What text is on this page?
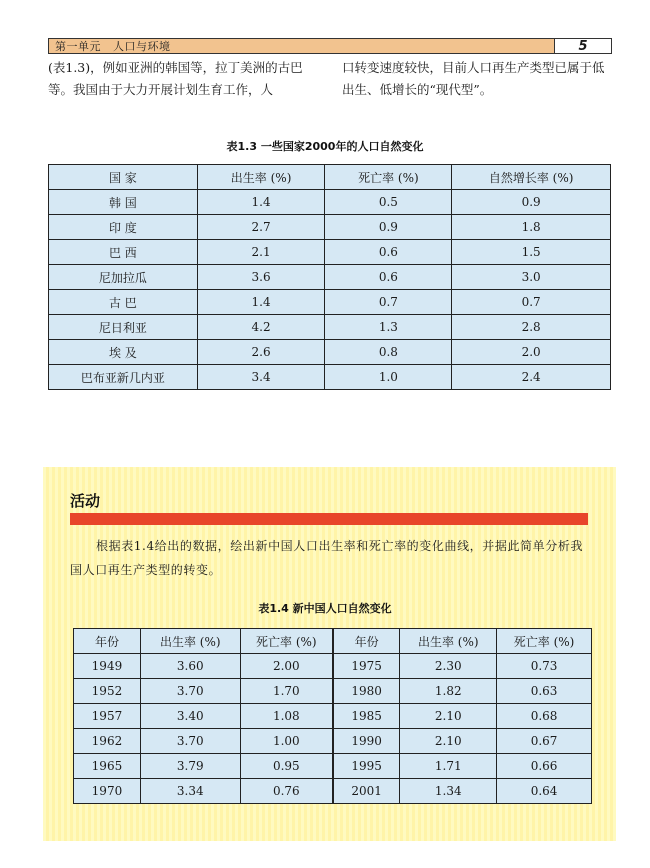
第一单元   人口与环境	5
(表1.3)，例如亚洲的韩国等，拉丁美洲的古巴等。我国由于大力开展计划生育工作，人
口转变速度较快，目前人口再生产类型已属于低出生、低增长的“现代型”。
表1.3 一些国家2000年的人口自然变化
国 家	出生率 (%)	死亡率 (%)	自然增长率 (%)
韩 国	1.4	0.5	0.9
印 度	2.7	0.9	1.8
巴 西	2.1	0.6	1.5
尼加拉瓜	3.6	0.6	3.0
古 巴	1.4	0.7	0.7
尼日利亚	4.2	1.3	2.8
埃 及	2.6	0.8	2.0
巴布亚新几内亚	3.4	1.0	2.4
活动
根据表1.4给出的数据，绘出新中国人口出生率和死亡率的变化曲线，并据此简单分析我国人口再生产类型的转变。
表1.4 新中国人口自然变化
年份	出生率 (%)	死亡率 (%)	年份	出生率 (%)	死亡率 (%)
1949	3.60	2.00	1975	2.30	0.73
1952	3.70	1.70	1980	1.82	0.63
1957	3.40	1.08	1985	2.10	0.68
1962	3.70	1.00	1990	2.10	0.67
1965	3.79	0.95	1995	1.71	0.66
1970	3.34	0.76	2001	1.34	0.64
